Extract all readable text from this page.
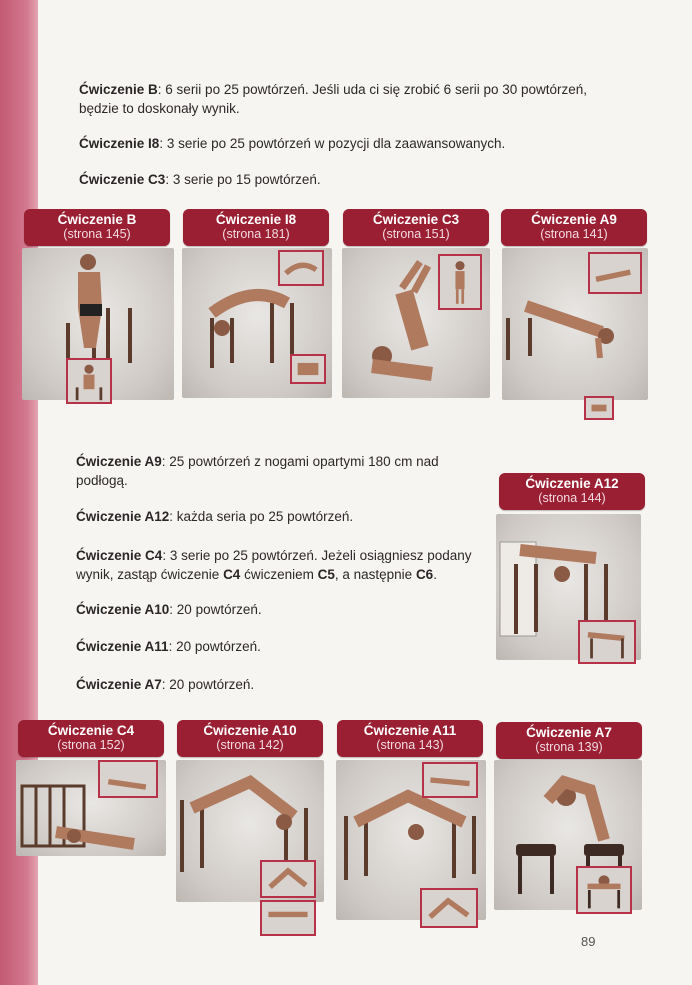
Ćwiczenie B: 6 serii po 25 powtórzeń. Jeśli uda ci się zrobić 6 serii po 30 powtórzeń, będzie to doskonały wynik.
Ćwiczenie I8: 3 serie po 25 powtórzeń w pozycji dla zaawansowanych.
Ćwiczenie C3: 3 serie po 15 powtórzeń.
Ćwiczenie B
(strona 145)
Ćwiczenie I8
(strona 181)
Ćwiczenie C3
(strona 151)
Ćwiczenie A9
(strona 141)
Ćwiczenie A9: 25 powtórzeń z nogami opartymi 180 cm nad podłogą.
Ćwiczenie A12: każda seria po 25 powtórzeń.
Ćwiczenie C4: 3 serie po 25 powtórzeń. Jeżeli osiągniesz podany wynik, zastąp ćwiczenie C4 ćwiczeniem C5, a następnie C6.
Ćwiczenie A10: 20 powtórzeń.
Ćwiczenie A11: 20 powtórzeń.
Ćwiczenie A7: 20 powtórzeń.
Ćwiczenie A12
(strona 144)
Ćwiczenie C4
(strona 152)
Ćwiczenie A10
(strona 142)
Ćwiczenie A11
(strona 143)
Ćwiczenie A7
(strona 139)
89
